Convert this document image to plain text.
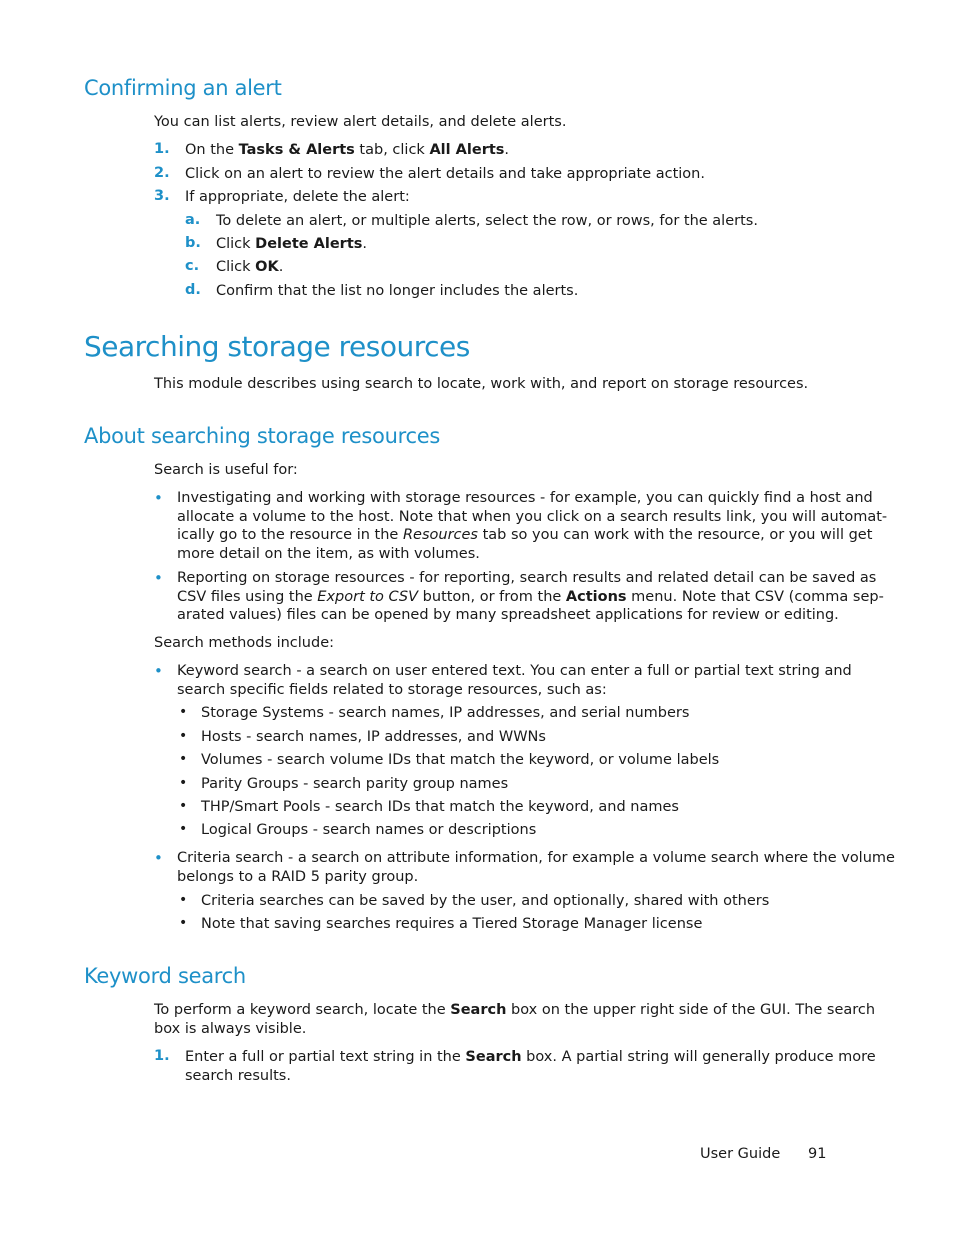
Confirming an alert
You can list alerts, review alert details, and delete alerts.
1. On the Tasks & Alerts tab, click All Alerts.
2. Click on an alert to review the alert details and take appropriate action.
3. If appropriate, delete the alert:
a. To delete an alert, or multiple alerts, select the row, or rows, for the alerts.
b. Click Delete Alerts.
c. Click OK.
d. Confirm that the list no longer includes the alerts.
Searching storage resources
This module describes using search to locate, work with, and report on storage resources.
About searching storage resources
Search is useful for:
• Investigating and working with storage resources - for example, you can quickly find a host and
allocate a volume to the host. Note that when you click on a search results link, you will automat-
ically go to the resource in the Resources tab so you can work with the resource, or you will get
more detail on the item, as with volumes.
• Reporting on storage resources - for reporting, search results and related detail can be saved as
CSV files using the Export to CSV button, or from the Actions menu. Note that CSV (comma sep-
arated values) files can be opened by many spreadsheet applications for review or editing.
Search methods include:
• Keyword search - a search on user entered text. You can enter a full or partial text string and
search specific fields related to storage resources, such as:
• Storage Systems - search names, IP addresses, and serial numbers
• Hosts - search names, IP addresses, and WWNs
• Volumes - search volume IDs that match the keyword, or volume labels
• Parity Groups - search parity group names
• THP/Smart Pools - search IDs that match the keyword, and names
• Logical Groups - search names or descriptions
• Criteria search - a search on attribute information, for example a volume search where the volume
belongs to a RAID 5 parity group.
• Criteria searches can be saved by the user, and optionally, shared with others
• Note that saving searches requires a Tiered Storage Manager license
Keyword search
To perform a keyword search, locate the Search box on the upper right side of the GUI. The search
box is always visible.
1. Enter a full or partial text string in the Search box. A partial string will generally produce more
search results.
User Guide 91
